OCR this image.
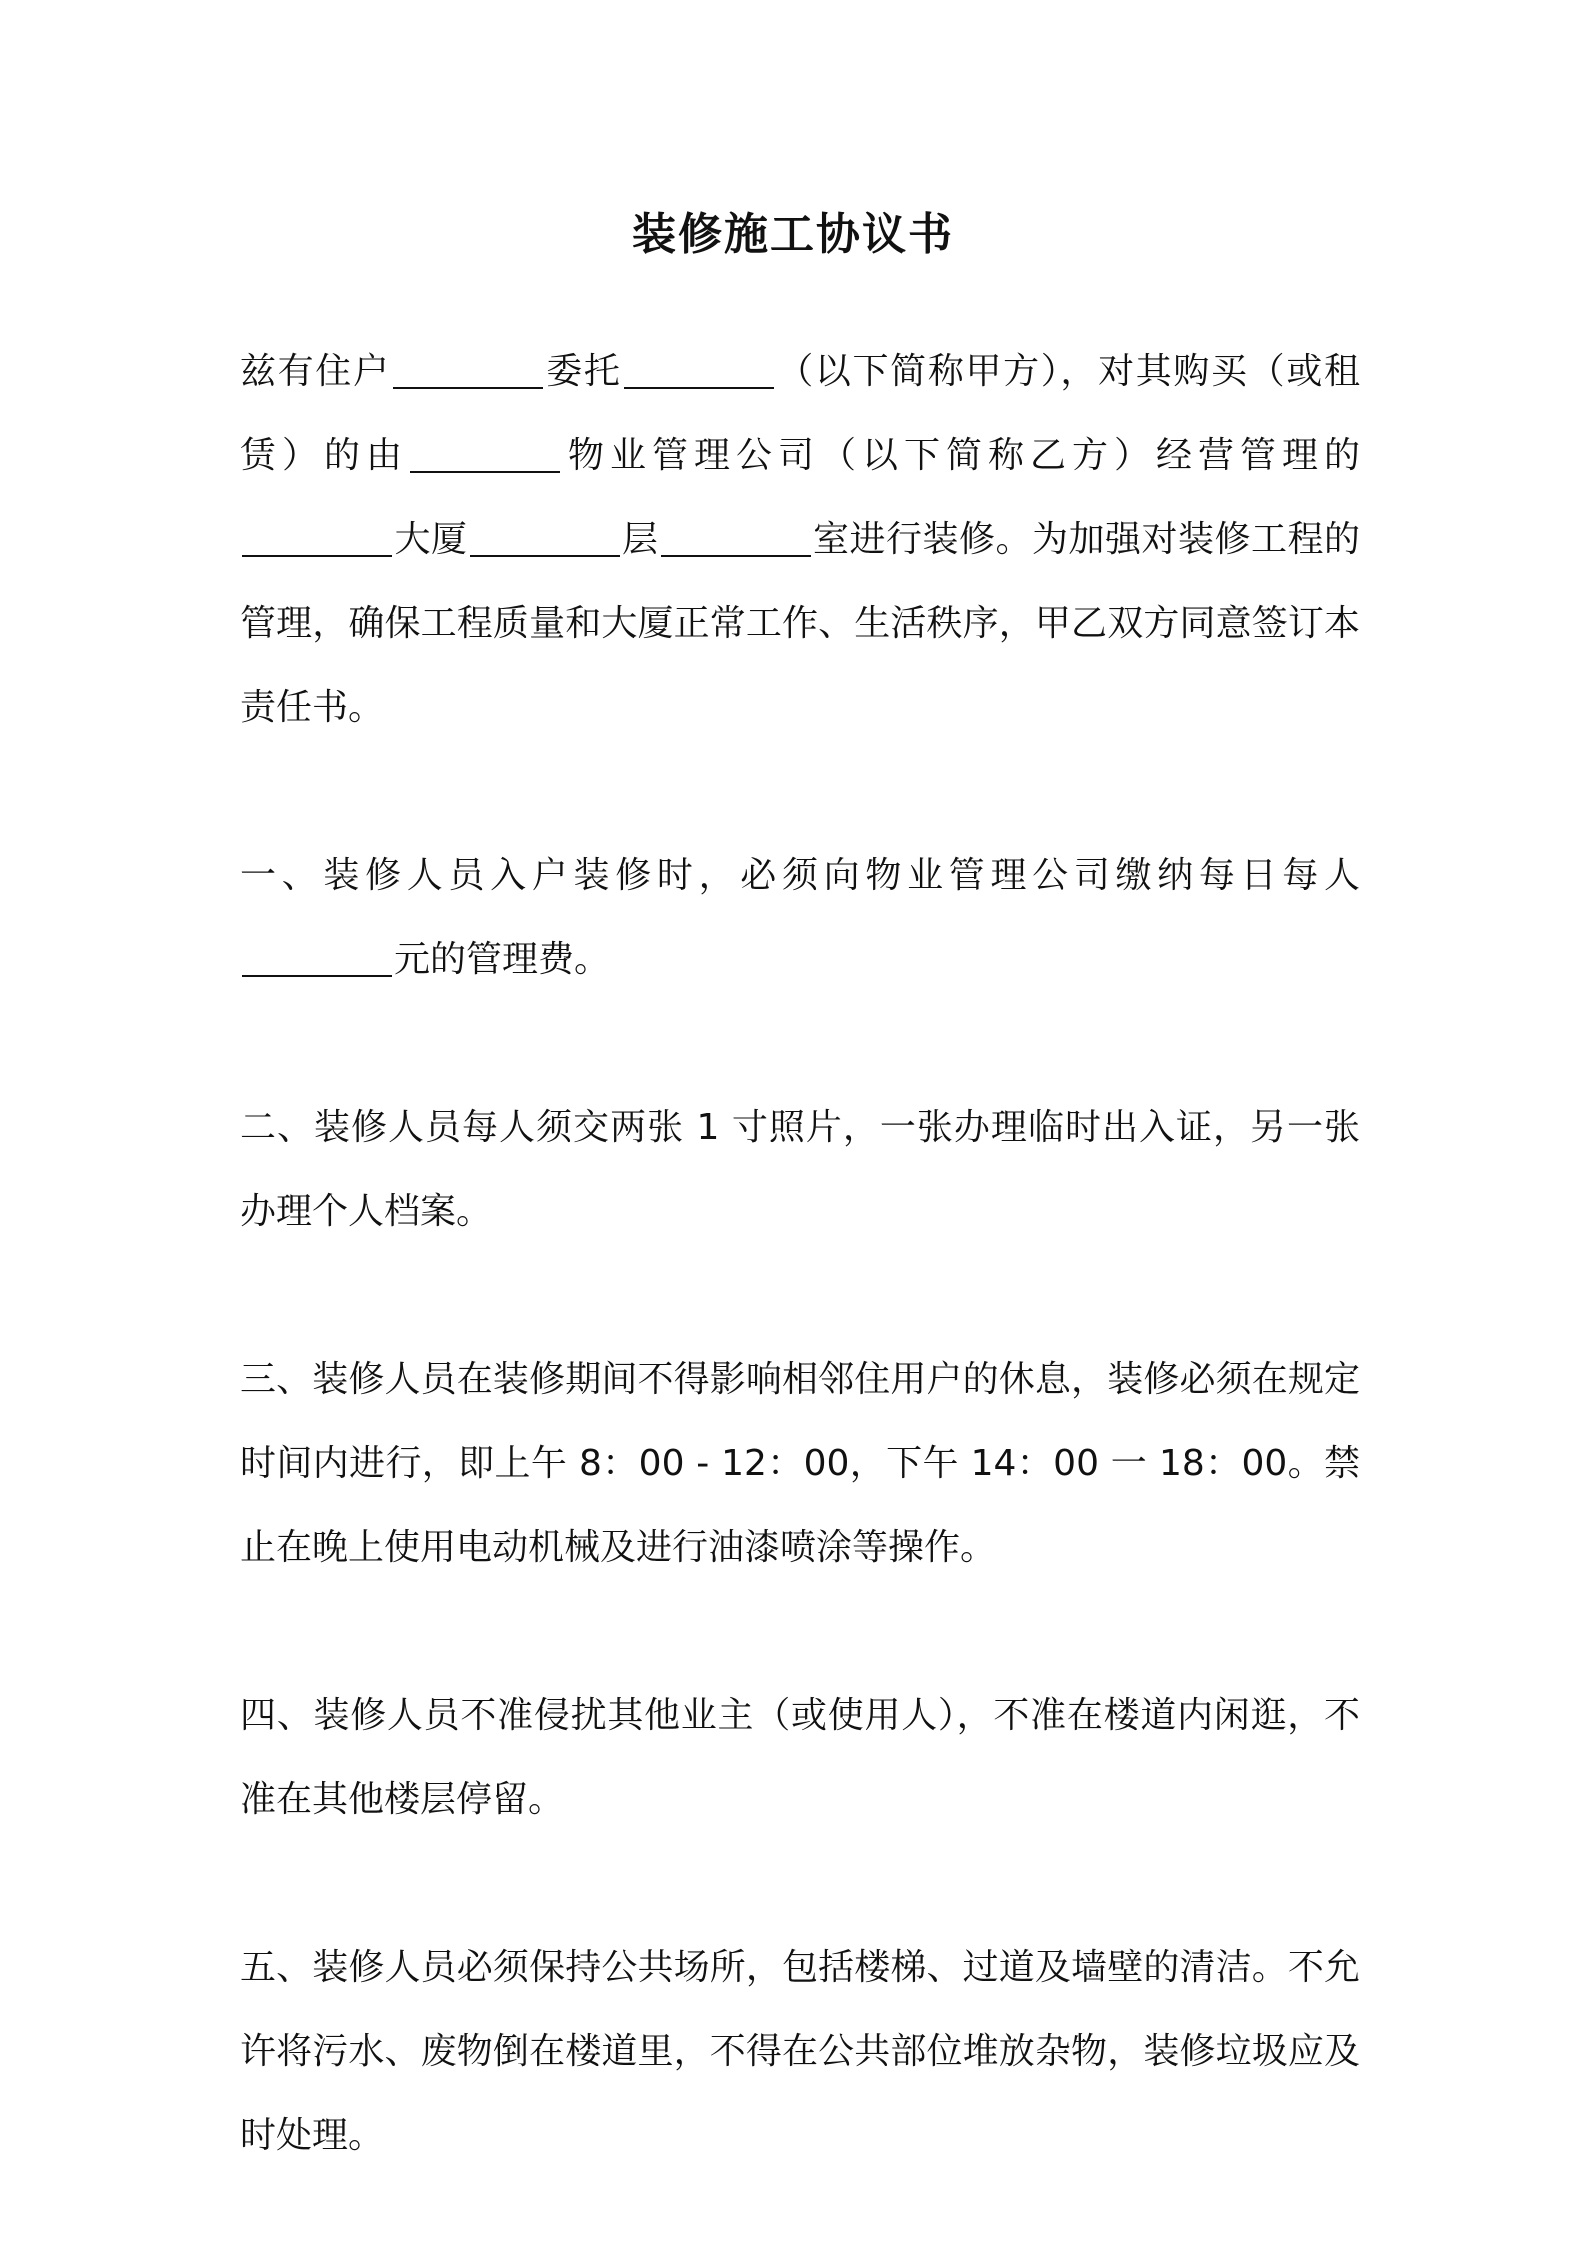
装修施工协议书

兹有住户	委托	（以下简称甲方），对其购买（或租赁）的由	物业管理公司（以下简称乙方）经营管理的大厦	层	室进行装修。为加强对装修工程的管理，确保工程质量和大厦正常工作、生活秩序，甲乙双方同意签订本责任书。

一、装修人员入户装修时，必须向物业管理公司缴纳每日每人元的管理费。

二、装修人员每人须交两张 1 寸照片，一张办理临时出入证，另一张办理个人档案。

三、装修人员在装修期间不得影响相邻住用户的休息，装修必须在规定时间内进行，即上午 8：00 - 12：00，下午 14：00 一 18：00。禁止在晚上使用电动机械及进行油漆喷涂等操作。

四、装修人员不准侵扰其他业主（或使用人），不准在楼道内闲逛，不准在其他楼层停留。

五、装修人员必须保持公共场所，包括楼梯、过道及墙壁的清洁。不允许将污水、废物倒在楼道里，不得在公共部位堆放杂物，装修垃圾应及时处理。
